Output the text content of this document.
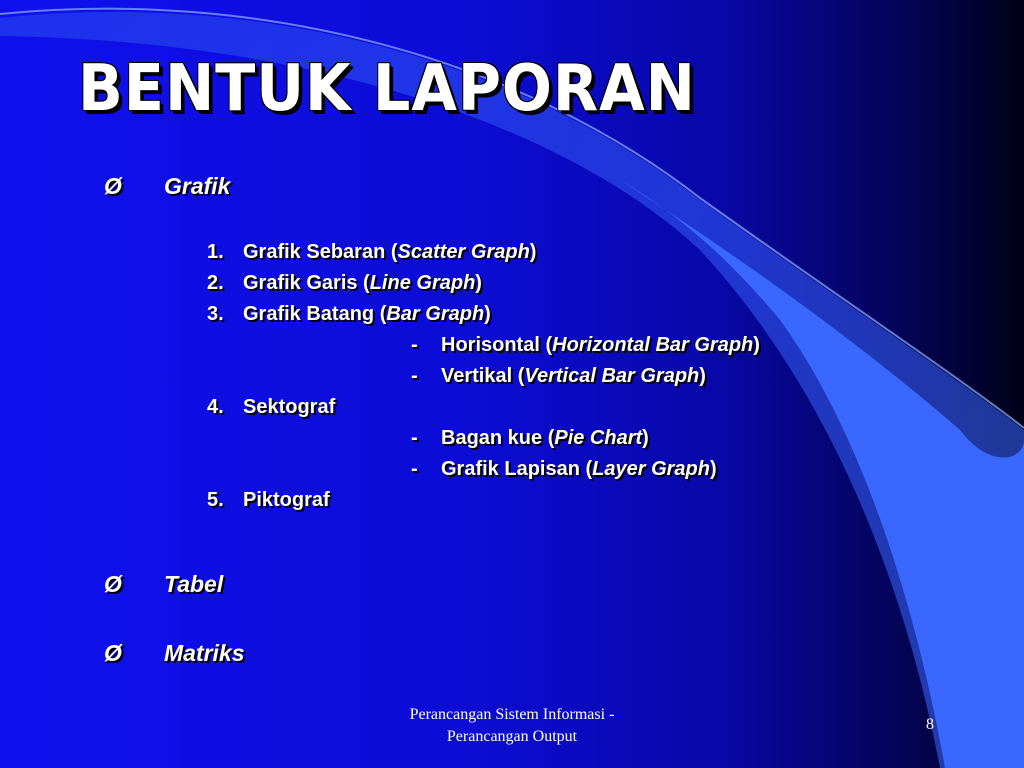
BENTUK LAPORAN
Ø Grafik
1. Grafik Sebaran (Scatter Graph)
2. Grafik Garis (Line Graph)
3. Grafik Batang (Bar Graph)
- Horisontal (Horizontal Bar Graph)
- Vertikal (Vertical Bar Graph)
4. Sektograf
- Bagan kue (Pie Chart)
- Grafik Lapisan (Layer Graph)
5. Piktograf
Ø Tabel
Ø Matriks
Perancangan Sistem Informasi -
Perancangan Output
8
